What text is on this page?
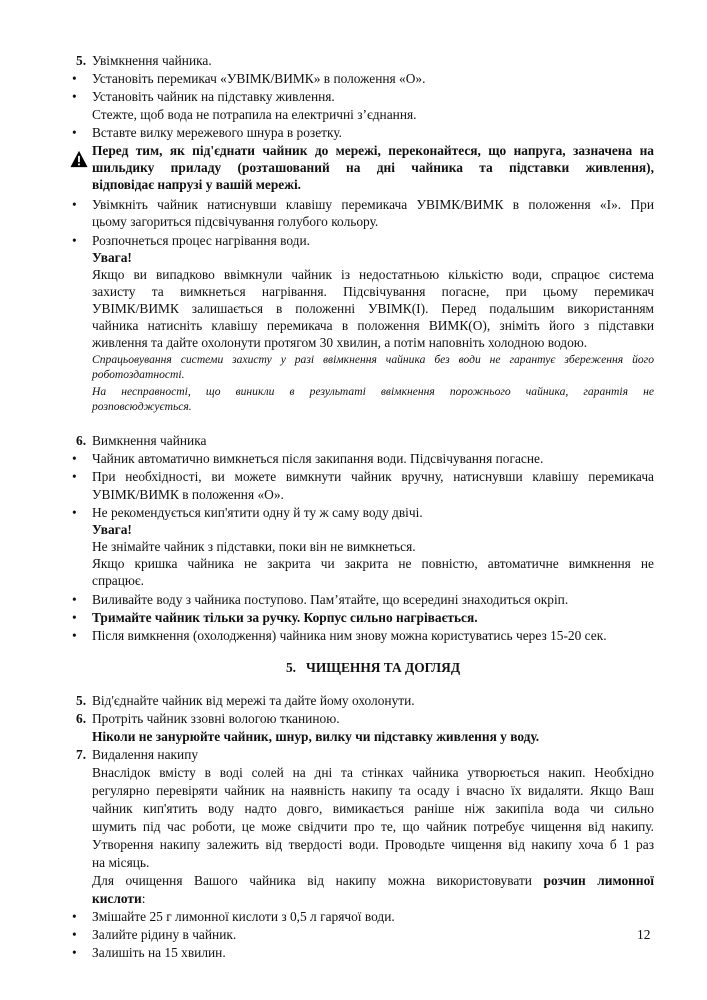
5. Увімкнення чайника.
•	Установіть перемикач «УВІМК/ВИМК» в положення «О».
•	Установіть чайник на підставку живлення.
Стежте, щоб вода не потрапила на електричні з’єднання.
•	Вставте вилку мережевого шнура в розетку.
Перед тим, як під'єднати чайник до мережі, переконайтеся, що напруга, зазначена на
шильдику приладу (розташований на дні чайника та підставки живлення),
відповідає напрузі у вашій мережі.
•	Увімкніть чайник натиснувши клавішу перемикача УВІМК/ВИМК в положення «І». При
цьому загориться підсвічування голубого кольору.
•	Розпочнеться процес нагрівання води.
Увага!
Якщо ви випадково ввімкнули чайник із недостатньою кількістю води, спрацює система
захисту та вимкнеться нагрівання. Підсвічування погасне, при цьому перемикач
УВІМК/ВИМК залишається в положенні УВІМК(І). Перед подальшим використанням
чайника натисніть клавішу перемикача в положення ВИМК(О), зніміть його з підставки
живлення та дайте охолонути протягом 30 хвилин, а потім наповніть холодною водою.
Спрацьовування системи захисту у разі ввімкнення чайника без води не гарантує збереження його
роботоздатності.
На несправності, що виникли в результаті ввімкнення порожнього чайника, гарантія не
розповсюджується.
6. Вимкнення чайника
•	Чайник автоматично вимкнеться після закипання води. Підсвічування погасне.
•	При необхідності, ви можете вимкнути чайник вручну, натиснувши клавішу перемикача
УВІМК/ВИМК в положення «О».
•	Не рекомендується кип'ятити одну й ту ж саму воду двічі.
Увага!
Не знімайте чайник з підставки, поки він не вимкнеться.
Якщо кришка чайника не закрита чи закрита не повністю, автоматичне вимкнення не
спрацює.
•	Виливайте воду з чайника поступово. Пам’ятайте, що всередині знаходиться окріп.
•	Тримайте чайник тільки за ручку. Корпус сильно нагрівається.
•	Після вимкнення (охолодження) чайника ним знову можна користуватись через 15-20 сек.
5.   ЧИЩЕННЯ ТА ДОГЛЯД
5. Від'єднайте чайник від мережі та дайте йому охолонути.
6. Протріть чайник ззовні вологою тканиною.
Ніколи не занурюйте чайник, шнур, вилку чи підставку живлення у воду.
7. Видалення накипу
Внаслідок вмісту в воді солей на дні та стінках чайника утворюється накип. Необхідно
регулярно перевіряти чайник на наявність накипу та осаду і вчасно їх видаляти. Якщо Ваш
чайник кип'ятить воду надто довго, вимикається раніше ніж закипіла вода чи сильно
шумить під час роботи, це може свідчити про те, що чайник потребує чищення від накипу.
Утворення накипу залежить від твердості води. Проводьте чищення від накипу хоча б 1 раз
на місяць.
Для очищення Вашого чайника від накипу можна використовувати розчин лимонної
кислоти:
•	Змішайте 25 г лимонної кислоти з 0,5 л гарячої води.
•	Залийте рідину в чайник.
•	Залишіть на 15 хвилин.
12
